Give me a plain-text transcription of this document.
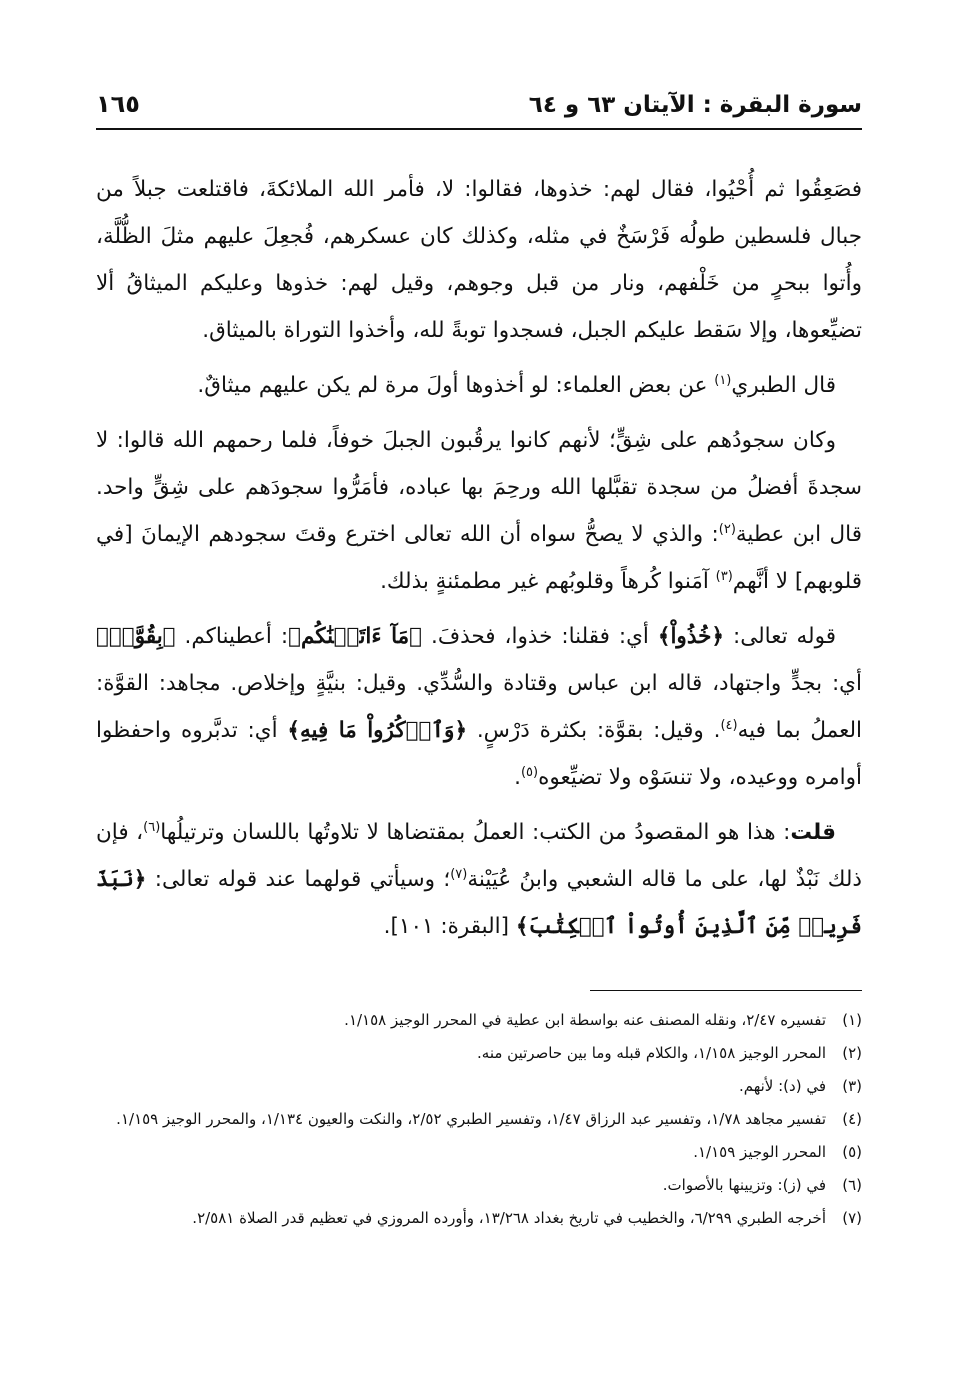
سورة البقرة : الآيتان ٦٣ و ٦٤
١٦٥

فصَعِقُوا ثم أُحْيُوا، فقال لهم: خذوها، فقالوا: لا، فأمر الله الملائكةَ، فاقتلعت جبلاً من جبال فلسطين طولُه فَرْسَخٌ في مثله، وكذلك كان عسكرهم، فُجعِلَ عليهم مثلَ الظُّلَّة، وأُتوا ببحرٍ من خَلْفهم، ونار من قبل وجوهم، وقيل لهم: خذوها وعليكم الميثاقُ ألا تضيِّعوها، وإلا سَقط عليكم الجبل، فسجدوا توبةً لله، وأخذوا التوراة بالميثاق.

قال الطبري$^{(١)}$ عن بعض العلماء: لو أخذوها أولَ مرة لم يكن عليهم ميثاقٌ.

وكان سجودُهم على شِقٍّ؛ لأنهم كانوا يرقُبون الجبلَ خوفاً، فلما رحمهم الله قالوا: لا سجدةَ أفضلُ من سجدة تقبَّلها الله ورحِمَ بها عباده، فأمَرُّوا سجودَهم على شِقٍّ واحد. قال ابن عطية$^{(٢)}$: والذي لا يصحُّ سواه أن الله تعالى اخترع وقتَ سجودهم الإيمانَ [في قلوبهم] لا أنَّهم$^{(٣)}$ آمَنوا كُرهاً وقلوبُهم غير مطمئنةٍ بذلك.

قوله تعالى: ﴿خُذُواْ﴾ أي: فقلنا: خذوا، فحذفَ. ﴿مَآ ءَاتَيۡنَٰكُم﴾: أعطيناكم. ﴿بِقُوَّةٖ﴾ أي: بجدٍّ واجتهاد، قاله ابن عباس وقتادة والسُّدِّي. وقيل: بنيَّةٍ وإخلاص. مجاهد: القوَّة: العملُ بما فيه$^{(٤)}$. وقيل: بقوَّة: بكثرة دَرْسٍ. ﴿وَٱذۡكُرُواْ مَا فِيهِ﴾ أي: تدبَّروه واحفظوا أوامره ووعيده، ولا تنسَوْه ولا تضيِّعوه$^{(٥)}$.

قلت: هذا هو المقصودُ من الكتب: العملُ بمقتضاها لا تلاوتُها باللسان وترتيلُها$^{(٦)}$، فإن ذلك نَبْذٌ لها، على ما قاله الشعبي وابنُ عُيَيْنة$^{(٧)}$؛ وسيأتي قولهما عند قوله تعالى: ﴿نَبَذَ فَرِيقٞ مِّنَ ٱلَّذِينَ أُوتُواْ ٱلۡكِتَٰبَ﴾ [البقرة: ١٠١].

(١)
تفسيره ٢/٤٧، ونقله المصنف عنه بواسطة ابن عطية في المحرر الوجيز ١/١٥٨.
(٢)
المحرر الوجيز ١/١٥٨، والكلام قبله وما بين حاصرتين منه.
(٣)
في (د): لأنهم.
(٤)
تفسير مجاهد ١/٧٨، وتفسير عبد الرزاق ١/٤٧، وتفسير الطبري ٢/٥٢، والنكت والعيون ١/١٣٤، والمحرر الوجيز ١/١٥٩.
(٥)
المحرر الوجيز ١/١٥٩.
(٦)
في (ز): وتزيينها بالأصوات.
(٧)
أخرجه الطبري ٦/٢٩٩، والخطيب في تاريخ بغداد ١٣/٢٦٨، وأورده المروزي في تعظيم قدر الصلاة ٢/٥٨١.
